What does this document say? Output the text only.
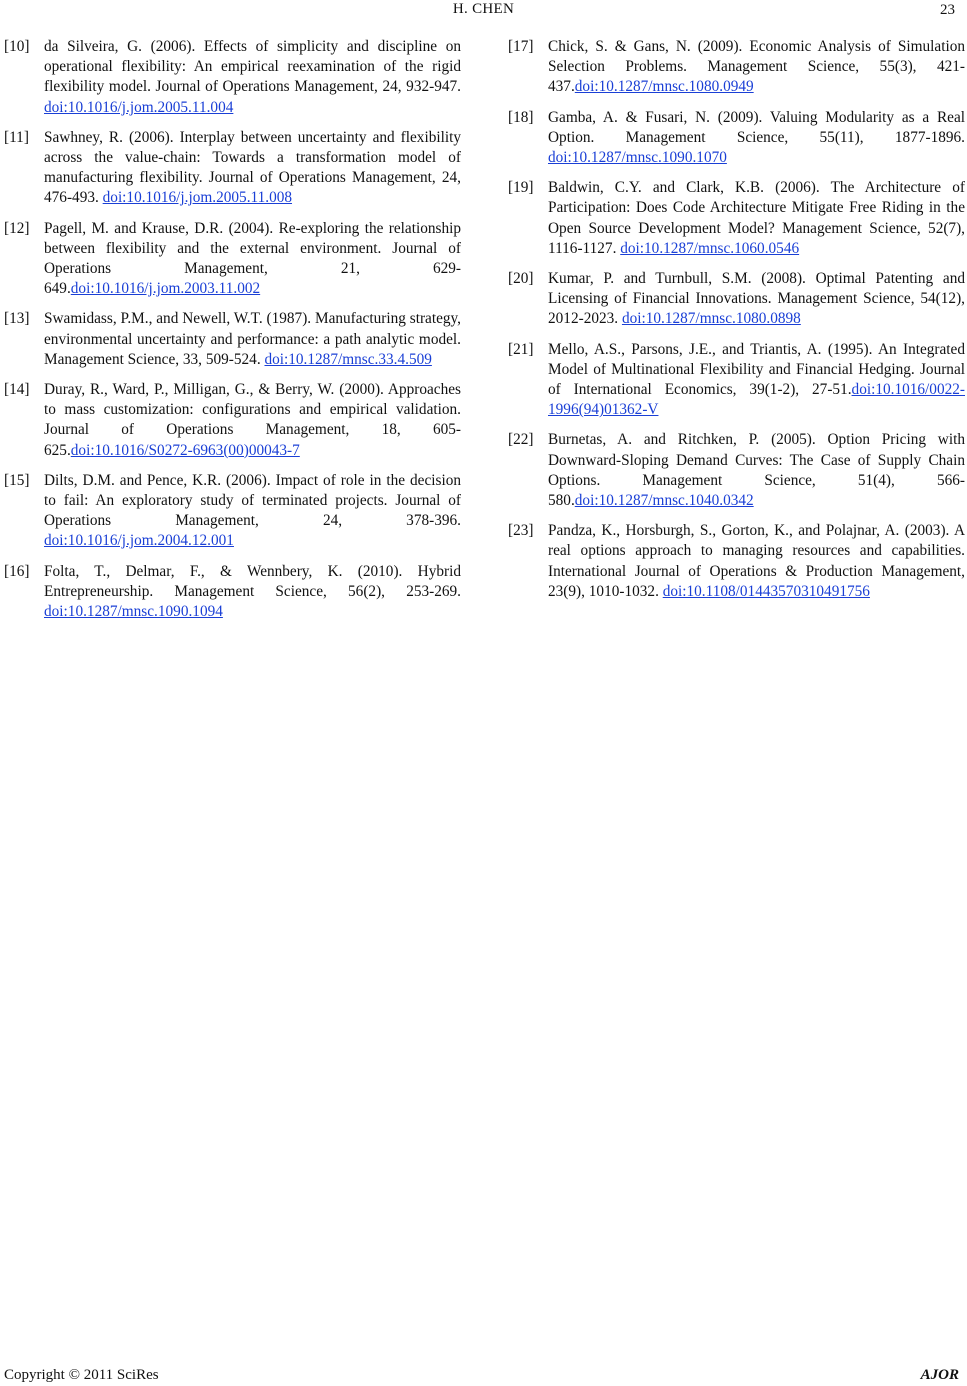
H. CHEN	23
[10] da Silveira, G. (2006). Effects of simplicity and discipline on operational flexibility: An empirical reexamination of the rigid flexibility model. Journal of Operations Management, 24, 932-947. doi:10.1016/j.jom.2005.11.004
[11] Sawhney, R. (2006). Interplay between uncertainty and flexibility across the value-chain: Towards a transformation model of manufacturing flexibility. Journal of Operations Management, 24, 476-493. doi:10.1016/j.jom.2005.11.008
[12] Pagell, M. and Krause, D.R. (2004). Re-exploring the relationship between flexibility and the external environment. Journal of Operations Management, 21, 629-649.doi:10.1016/j.jom.2003.11.002
[13] Swamidass, P.M., and Newell, W.T. (1987). Manufacturing strategy, environmental uncertainty and performance: a path analytic model. Management Science, 33, 509-524. doi:10.1287/mnsc.33.4.509
[14] Duray, R., Ward, P., Milligan, G., & Berry, W. (2000). Approaches to mass customization: configurations and empirical validation. Journal of Operations Management, 18, 605-625.doi:10.1016/S0272-6963(00)00043-7
[15] Dilts, D.M. and Pence, K.R. (2006). Impact of role in the decision to fail: An exploratory study of terminated projects. Journal of Operations Management, 24, 378-396. doi:10.1016/j.jom.2004.12.001
[16] Folta, T., Delmar, F., & Wennbery, K. (2010). Hybrid Entrepreneurship. Management Science, 56(2), 253-269. doi:10.1287/mnsc.1090.1094
[17] Chick, S. & Gans, N. (2009). Economic Analysis of Simulation Selection Problems. Management Science, 55(3), 421-437.doi:10.1287/mnsc.1080.0949
[18] Gamba, A. & Fusari, N. (2009). Valuing Modularity as a Real Option. Management Science, 55(11), 1877-1896. doi:10.1287/mnsc.1090.1070
[19] Baldwin, C.Y. and Clark, K.B. (2006). The Architecture of Participation: Does Code Architecture Mitigate Free Riding in the Open Source Development Model? Management Science, 52(7), 1116-1127. doi:10.1287/mnsc.1060.0546
[20] Kumar, P. and Turnbull, S.M. (2008). Optimal Patenting and Licensing of Financial Innovations. Management Science, 54(12), 2012-2023. doi:10.1287/mnsc.1080.0898
[21] Mello, A.S., Parsons, J.E., and Triantis, A. (1995). An Integrated Model of Multinational Flexibility and Financial Hedging. Journal of International Economics, 39(1-2), 27-51.doi:10.1016/0022-1996(94)01362-V
[22] Burnetas, A. and Ritchken, P. (2005). Option Pricing with Downward-Sloping Demand Curves: The Case of Supply Chain Options. Management Science, 51(4), 566-580.doi:10.1287/mnsc.1040.0342
[23] Pandza, K., Horsburgh, S., Gorton, K., and Polajnar, A. (2003). A real options approach to managing resources and capabilities. International Journal of Operations & Production Management, 23(9), 1010-1032. doi:10.1108/01443570310491756
Copyright © 2011 SciRes	AJOR
